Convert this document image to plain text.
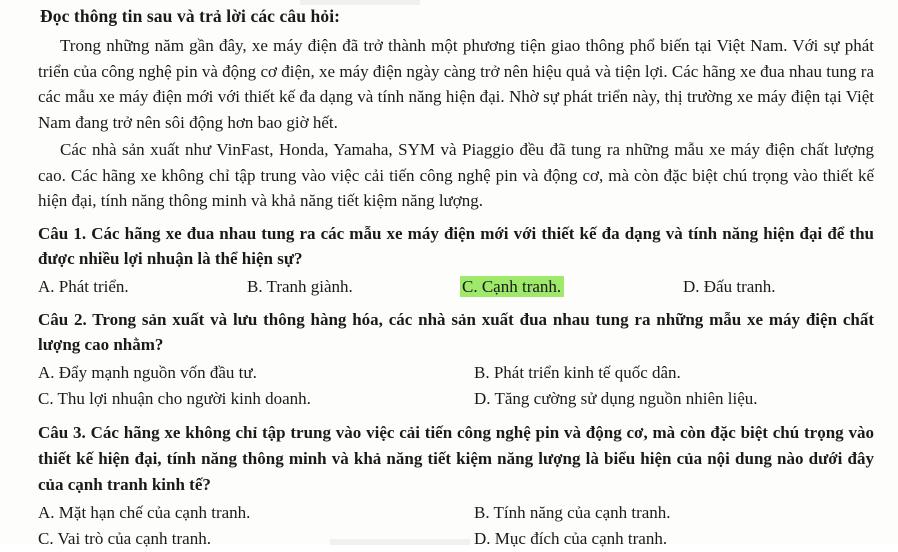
Đọc thông tin sau và trả lời các câu hỏi:

Trong những năm gần đây, xe máy điện đã trở thành một phương tiện giao thông phổ biến tại Việt Nam. Với sự phát triển của công nghệ pin và động cơ điện, xe máy điện ngày càng trở nên hiệu quả và tiện lợi. Các hãng xe đua nhau tung ra các mẫu xe máy điện mới với thiết kế đa dạng và tính năng hiện đại. Nhờ sự phát triển này, thị trường xe máy điện tại Việt Nam đang trở nên sôi động hơn bao giờ hết.

Các nhà sản xuất như VinFast, Honda, Yamaha, SYM và Piaggio đều đã tung ra những mẫu xe máy điện chất lượng cao. Các hãng xe không chỉ tập trung vào việc cải tiến công nghệ pin và động cơ, mà còn đặc biệt chú trọng vào thiết kế hiện đại, tính năng thông minh và khả năng tiết kiệm năng lượng.

Câu 1. Các hãng xe đua nhau tung ra các mẫu xe máy điện mới với thiết kế đa dạng và tính năng hiện đại để thu được nhiều lợi nhuận là thể hiện sự?
A. Phát triển.	B. Tranh giành.	C. Cạnh tranh.	D. Đấu tranh.
Câu 2. Trong sản xuất và lưu thông hàng hóa, các nhà sản xuất đua nhau tung ra những mẫu xe máy điện chất lượng cao nhằm?
A. Đẩy mạnh nguồn vốn đầu tư.	B. Phát triển kinh tế quốc dân.
C. Thu lợi nhuận cho người kinh doanh.	D. Tăng cường sử dụng nguồn nhiên liệu.
Câu 3. Các hãng xe không chỉ tập trung vào việc cải tiến công nghệ pin và động cơ, mà còn đặc biệt chú trọng vào thiết kế hiện đại, tính năng thông minh và khả năng tiết kiệm năng lượng là biểu hiện của nội dung nào dưới đây của cạnh tranh kinh tế?
A. Mặt hạn chế của cạnh tranh.	B. Tính năng của cạnh tranh.
C. Vai trò của cạnh tranh.	D. Mục đích của cạnh tranh.
